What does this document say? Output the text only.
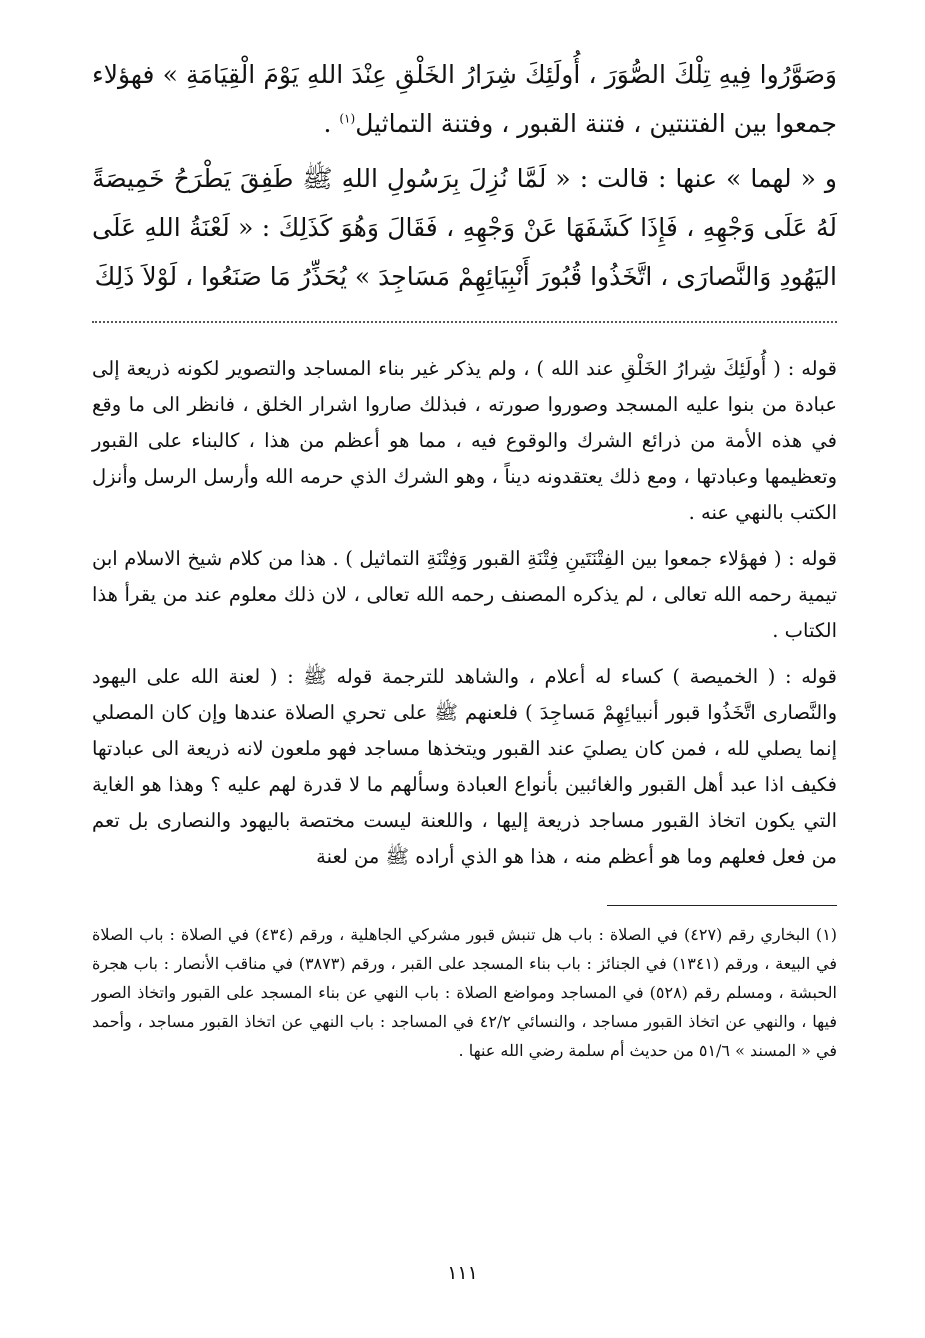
وَصَوَّرُوا فِيهِ تِلْكَ الصُّوَرَ ، أُولَئِكَ شِرَارُ الخَلْقِ عِنْدَ اللهِ يَوْمَ الْقِيَامَةِ » فهؤلاء جمعوا بين الفتنتين ، فتنة القبور ، وفتنة التماثيل$^{(١)}$ .

و « لهما » عنها : قالت : « لَمَّا نُزِلَ بِرَسُولِ اللهِ ﷺ طَفِقَ يَطْرَحُ خَمِيصَةً لَهُ عَلَى وَجْهِهِ ، فَإِذَا كَشَفَهَا عَنْ وَجْهِهِ ، فَقَالَ وَهُوَ كَذَلِكَ : « لَعْنَةُ اللهِ عَلَى اليَهُودِ وَالنَّصارَى ، اتَّخَذُوا قُبُورَ أَنْبِيَائِهِمْ مَسَاجِدَ » يُحَذِّرُ مَا صَنَعُوا ، لَوْلاَ ذَلِكَ

قوله : ( أُولَئِكَ شِرارُ الخَلْقِ عند الله ) ، ولم يذكر غير بناء المساجد والتصوير لكونه ذريعة إلى عبادة من بنوا عليه المسجد وصوروا صورته ، فبذلك صاروا اشرار الخلق ، فانظر الى ما وقع في هذه الأمة من ذرائع الشرك والوقوع فيه ، مما هو أعظم من هذا ، كالبناء على القبور وتعظيمها وعبادتها ، ومع ذلك يعتقدونه ديناً ، وهو الشرك الذي حرمه الله وأرسل الرسل وأنزل الكتب بالنهي عنه .

قوله : ( فهؤلاء جمعوا بين الفِتْنَتَينِ فِتْنَةِ القبور وَفِتْنَةِ التماثيل ) . هذا من كلام شيخ الاسلام ابن تيمية رحمه الله تعالى ، لم يذكره المصنف رحمه الله تعالى ، لان ذلك معلوم عند من يقرأ هذا الكتاب .

قوله : ( الخميصة ) كساء له أعلام ، والشاهد للترجمة قوله ﷺ : ( لعنة الله على اليهود والنَّصارى اتَّخَذُوا قبور أنبيائِهِمْ مَساجِدَ ) فلعنهم ﷺ على تحري الصلاة عندها وإن كان المصلي إنما يصلي لله ، فمن كان يصليَ عند القبور ويتخذها مساجد فهو ملعون لانه ذريعة الى عبادتها فكيف اذا عبد أهل القبور والغائبين بأنواع العبادة وسألهم ما لا قدرة لهم عليه ؟ وهذا هو الغاية التي يكون اتخاذ القبور مساجد ذريعة إليها ، واللعنة ليست مختصة باليهود والنصارى بل تعم من فعل فعلهم وما هو أعظم منه ، هذا هو الذي أراده ﷺ من لعنة

(١) البخاري رقم (٤٢٧) في الصلاة : باب هل تنبش قبور مشركي الجاهلية ، ورقم (٤٣٤) في الصلاة : باب الصلاة في البيعة ، ورقم (١٣٤١) في الجنائز : باب بناء المسجد على القبر ، ورقم (٣٨٧٣) في مناقب الأنصار : باب هجرة الحبشة ، ومسلم رقم (٥٢٨) في المساجد ومواضع الصلاة : باب النهي عن بناء المسجد على القبور واتخاذ الصور فيها ، والنهي عن اتخاذ القبور مساجد ، والنسائي ٤٢/٢ في المساجد : باب النهي عن اتخاذ القبور مساجد ، وأحمد في « المسند » ٥١/٦ من حديث أم سلمة رضي الله عنها .

١١١
